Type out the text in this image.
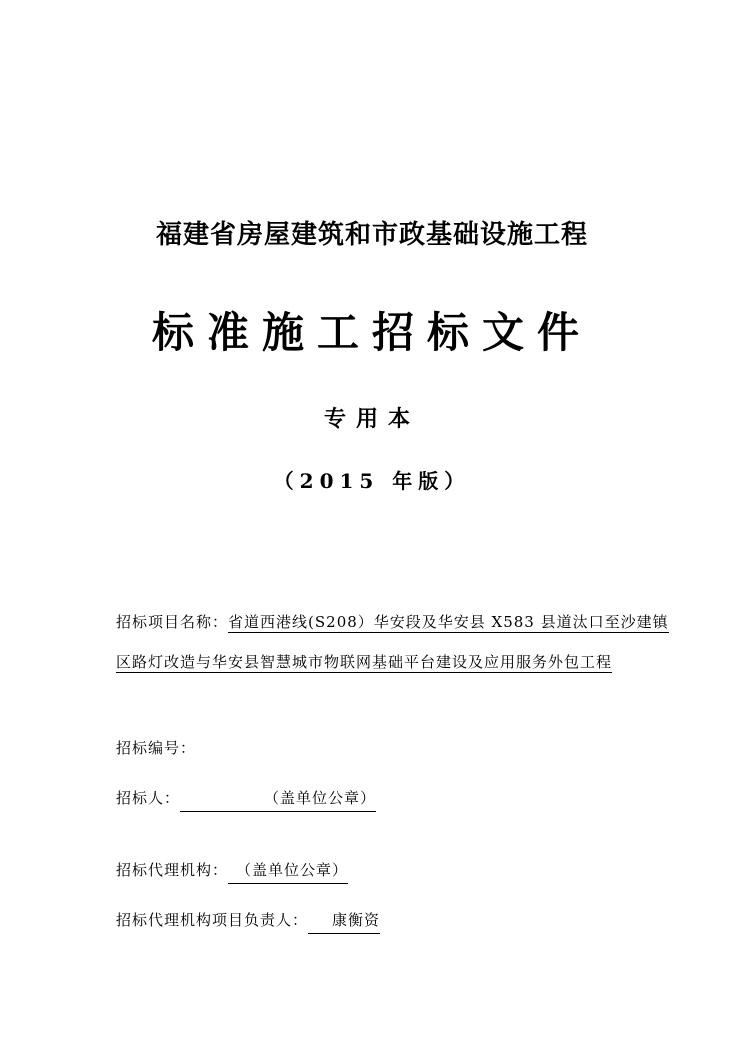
福建省房屋建筑和市政基础设施工程
标准施工招标文件
专用本
（2015 年版）
招标项目名称：省道西港线(S208）华安段及华安县 X583 县道汰口至沙建镇
区路灯改造与华安县智慧城市物联网基础平台建设及应用服务外包工程
招标编号：
招标人：	（盖单位公章）
招标代理机构： （盖单位公章）
招标代理机构项目负责人： 康衡资
